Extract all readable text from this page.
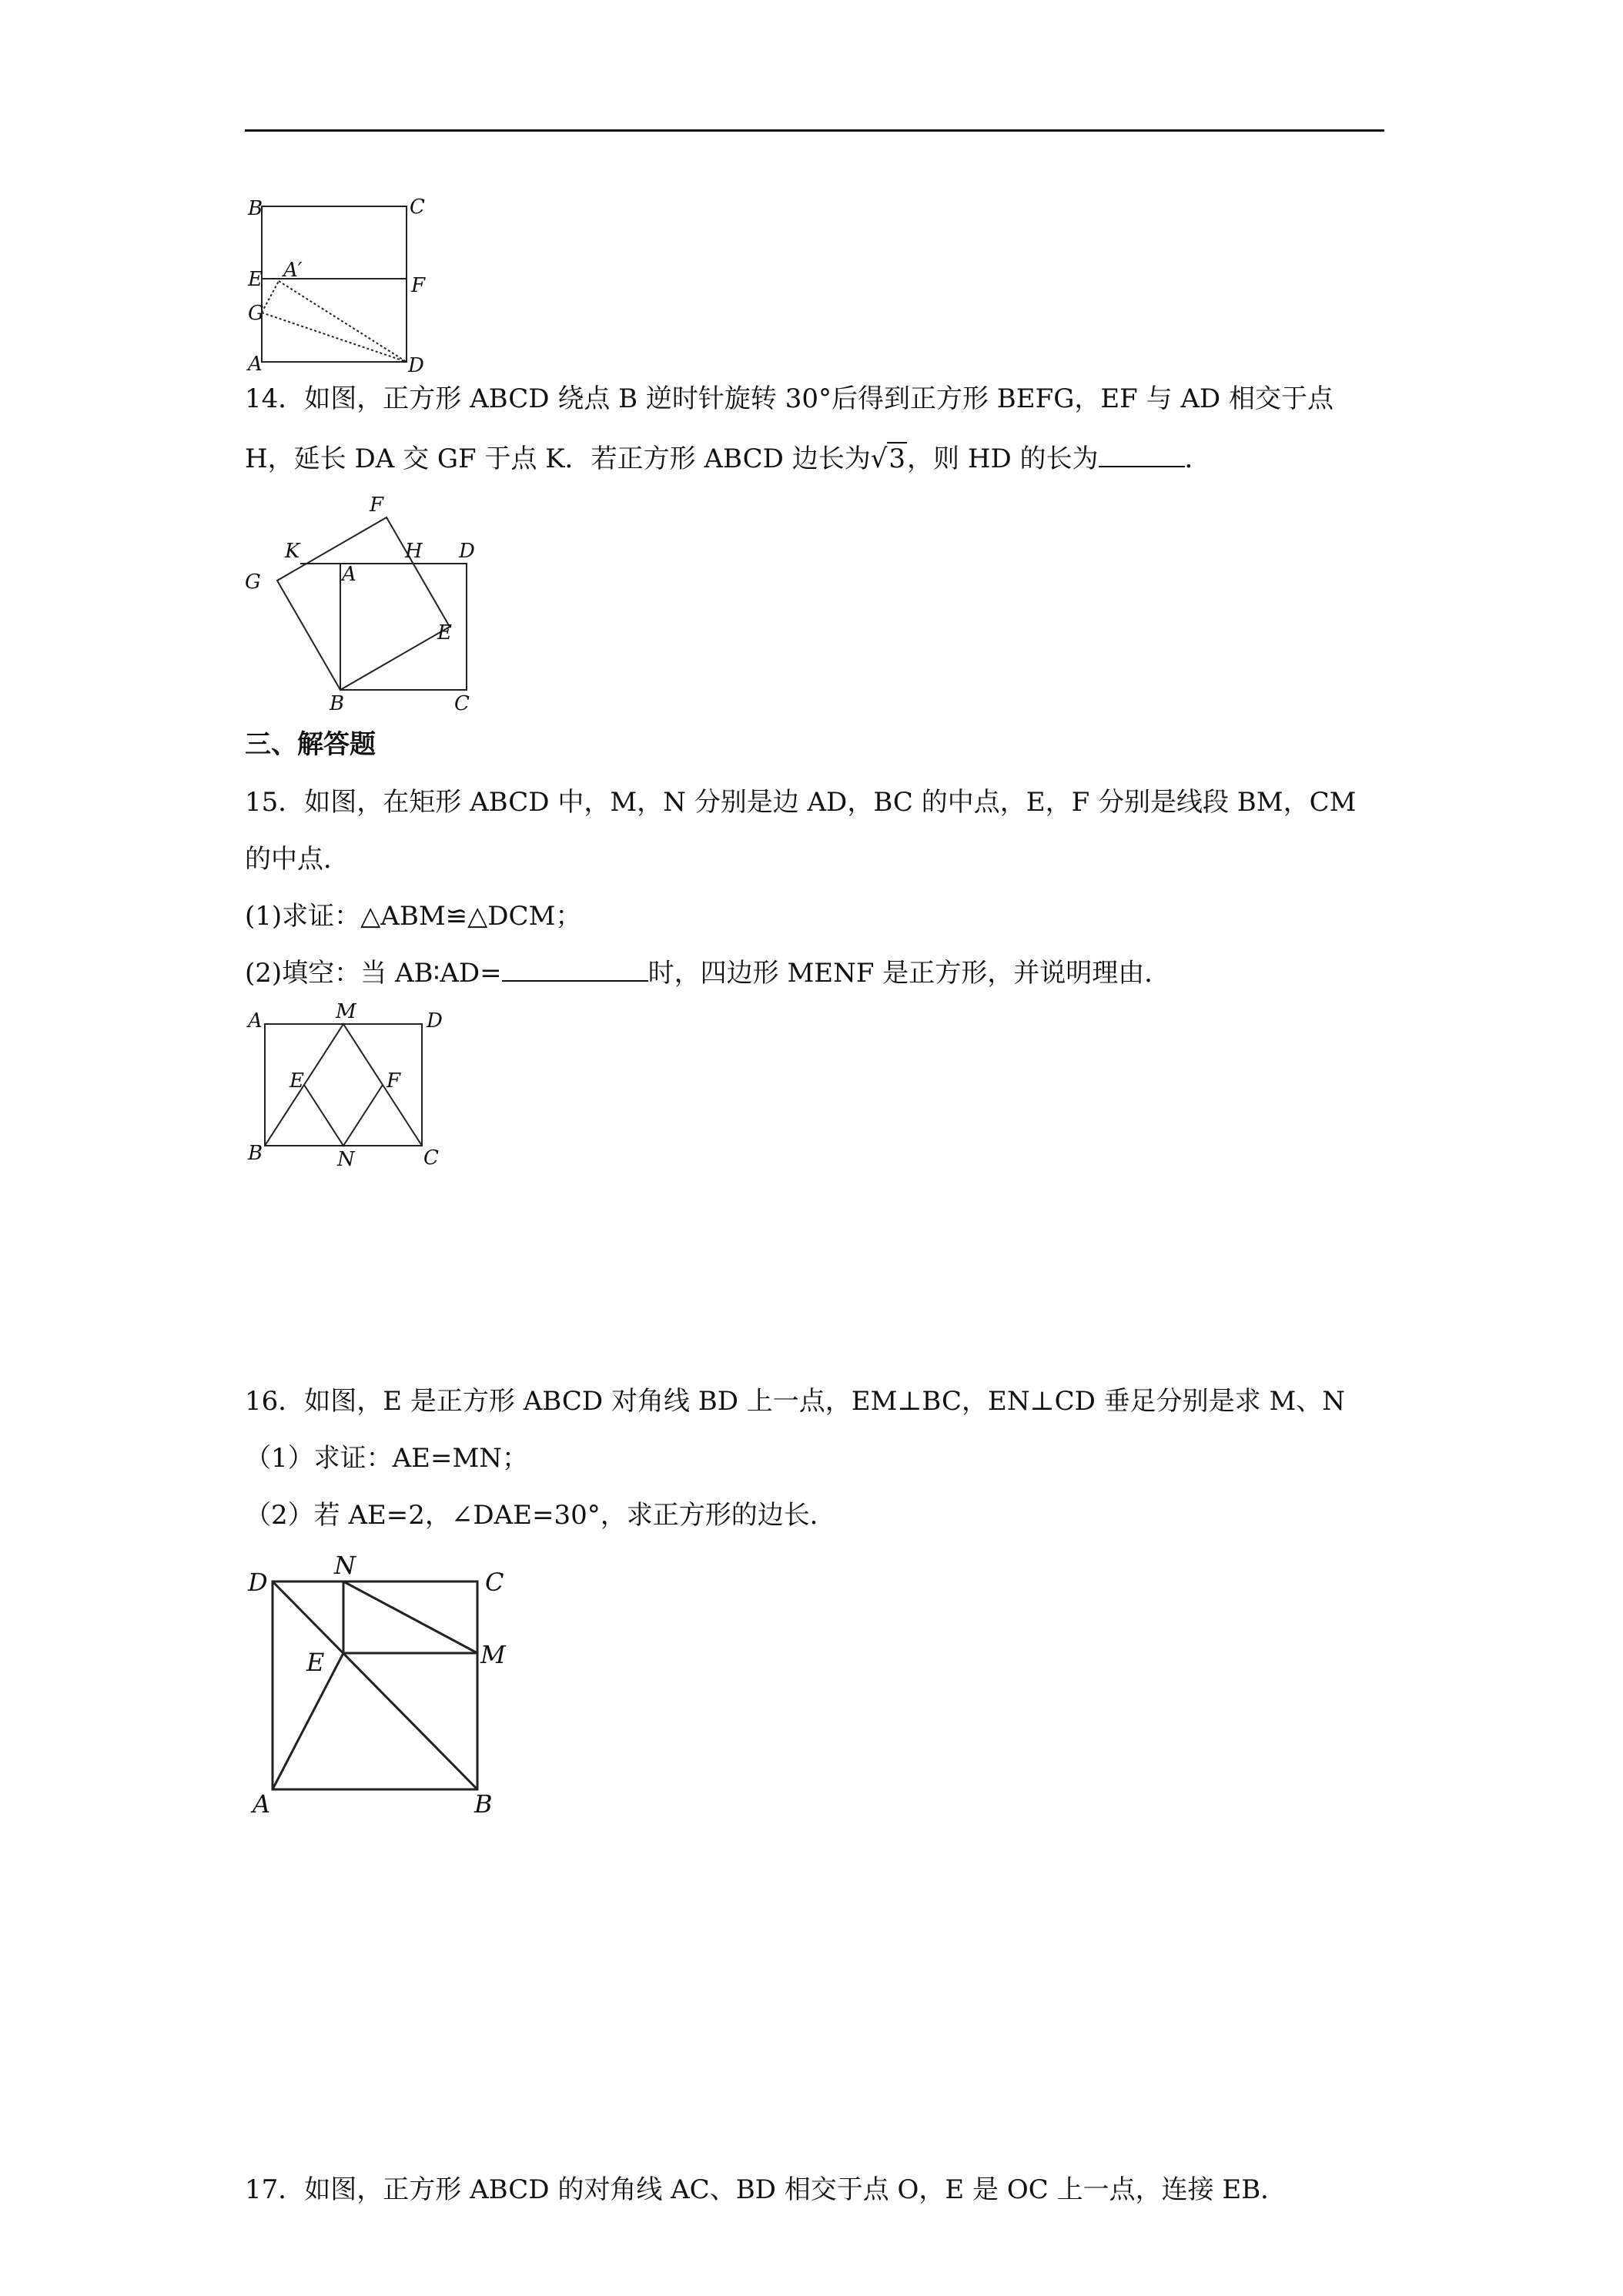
B	C
E A′
F
G
A	D
14．如图，正方形 ABCD 绕点 B 逆时针旋转 30°后得到正方形 BEFG，EF 与 AD 相交于点
H，延长 DA 交 GF 于点 K．若正方形 ABCD 边长为√3，则 HD 的长为	．
F
K	H D
G	A
E
B	C
三、解答题
15．如图，在矩形 ABCD 中，M，N 分别是边 AD，BC 的中点，E，F 分别是线段 BM，CM
的中点．
(1)求证：△ABM≌△DCM；
(2)填空：当 AB∶AD=	时，四边形 MENF 是正方形，并说明理由．
A	M	D
E	F
B	N	C
16．如图，E 是正方形 ABCD 对角线 BD 上一点，EM⊥BC，EN⊥CD 垂足分别是求 M、N
（1）求证：AE=MN；
（2）若 AE=2，∠DAE=30°，求正方形的边长．
D
N
C
E	M
A	B
17．如图，正方形 ABCD 的对角线 AC、BD 相交于点 O，E 是 OC 上一点，连接 EB．
